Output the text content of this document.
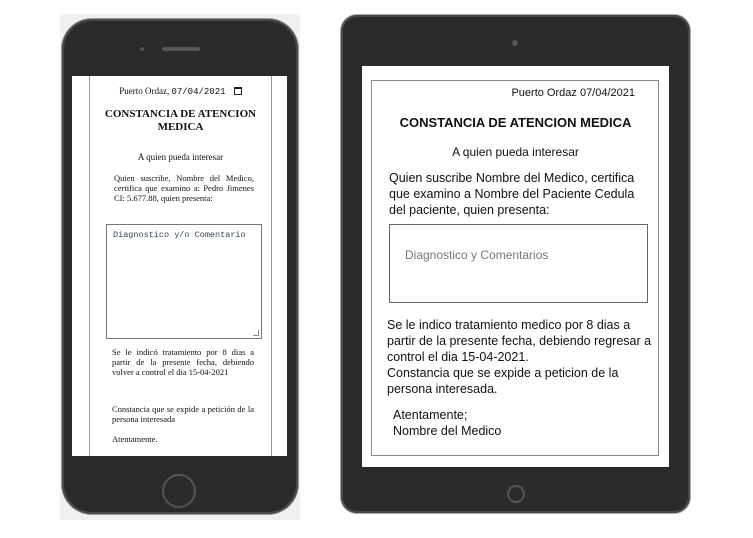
Puerto Ordaz, 07/04/2021
CONSTANCIA DE ATENCION MEDICA
A quien pueda interesar
Quien suscribe, Nombre del Medico, certifica que examino a: Pedro Jimenes CI: 5.677.88, quien presenta:
Diagnostico y/o Comentario
Se le indicó tratamiento por 8 dias a partir de la presente fecha, debiendo volver a control el dia 15-04-2021
Constancia que se expide a petición de la persona interesada
Atentamente.
Puerto Ordaz 07/04/2021
CONSTANCIA DE ATENCION MEDICA
A quien pueda interesar
Quien suscribe Nombre del Medico, certifica que examino a Nombre del Paciente Cedula del paciente, quien presenta:
Diagnostico y Comentarios
Se le indico tratamiento medico por 8 dias a partir de la presente fecha, debiendo regresar a control el dia 15-04-2021.
Constancia que se expide a peticion de la persona interesada.
Atentamente;
Nombre del Medico
